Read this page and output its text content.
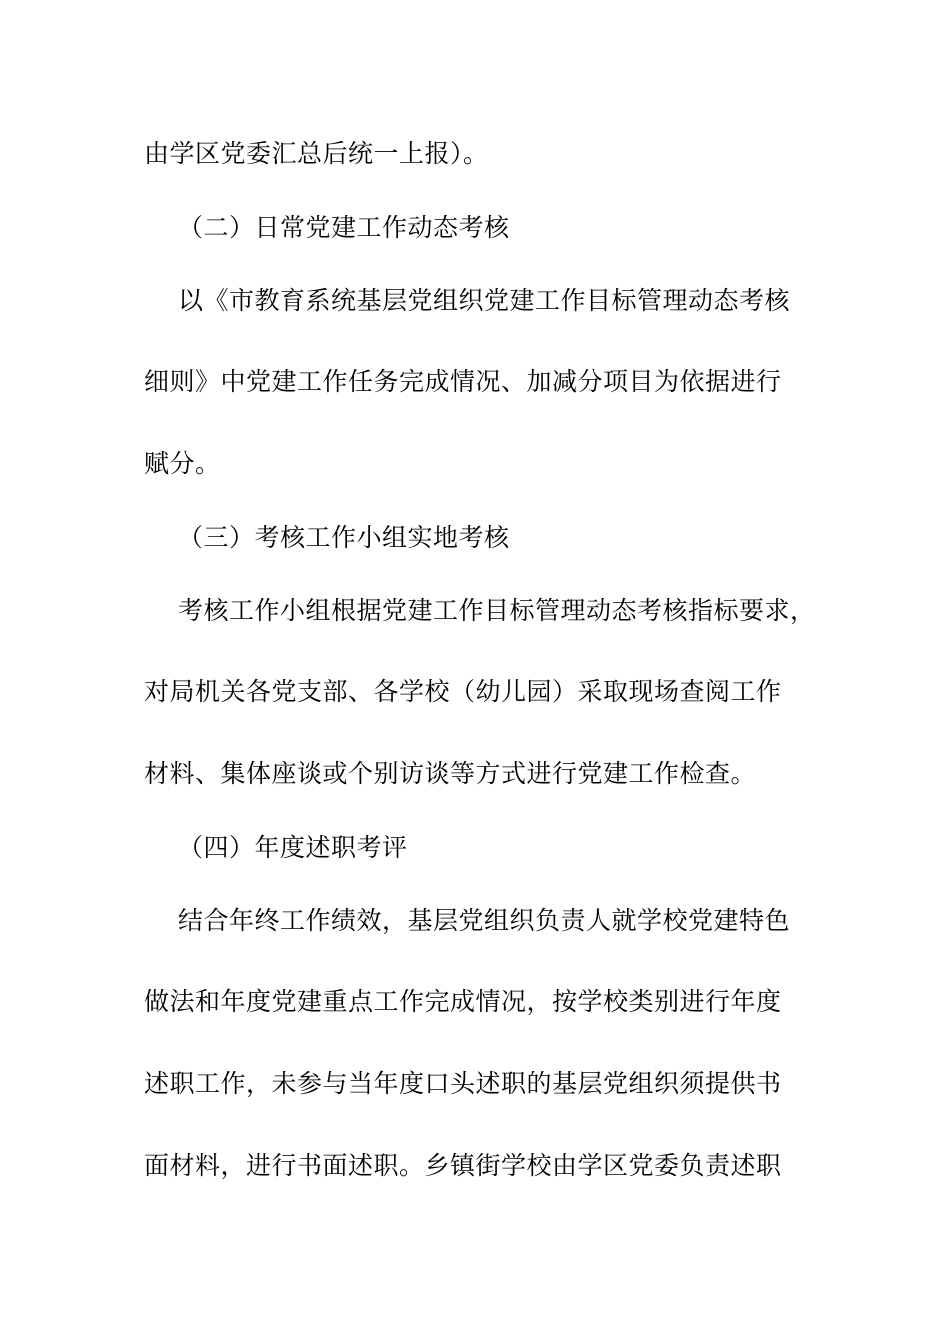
由学区党委汇总后统一上报）。
（二）日常党建工作动态考核
以《市教育系统基层党组织党建工作目标管理动态考核
细则》中党建工作任务完成情况、加减分项目为依据进行
赋分。
（三）考核工作小组实地考核
考核工作小组根据党建工作目标管理动态考核指标要求，
对局机关各党支部、各学校（幼儿园）采取现场查阅工作
材料、集体座谈或个别访谈等方式进行党建工作检查。
（四）年度述职考评
结合年终工作绩效，基层党组织负责人就学校党建特色
做法和年度党建重点工作完成情况，按学校类别进行年度
述职工作，未参与当年度口头述职的基层党组织须提供书
面材料，进行书面述职。乡镇街学校由学区党委负责述职
